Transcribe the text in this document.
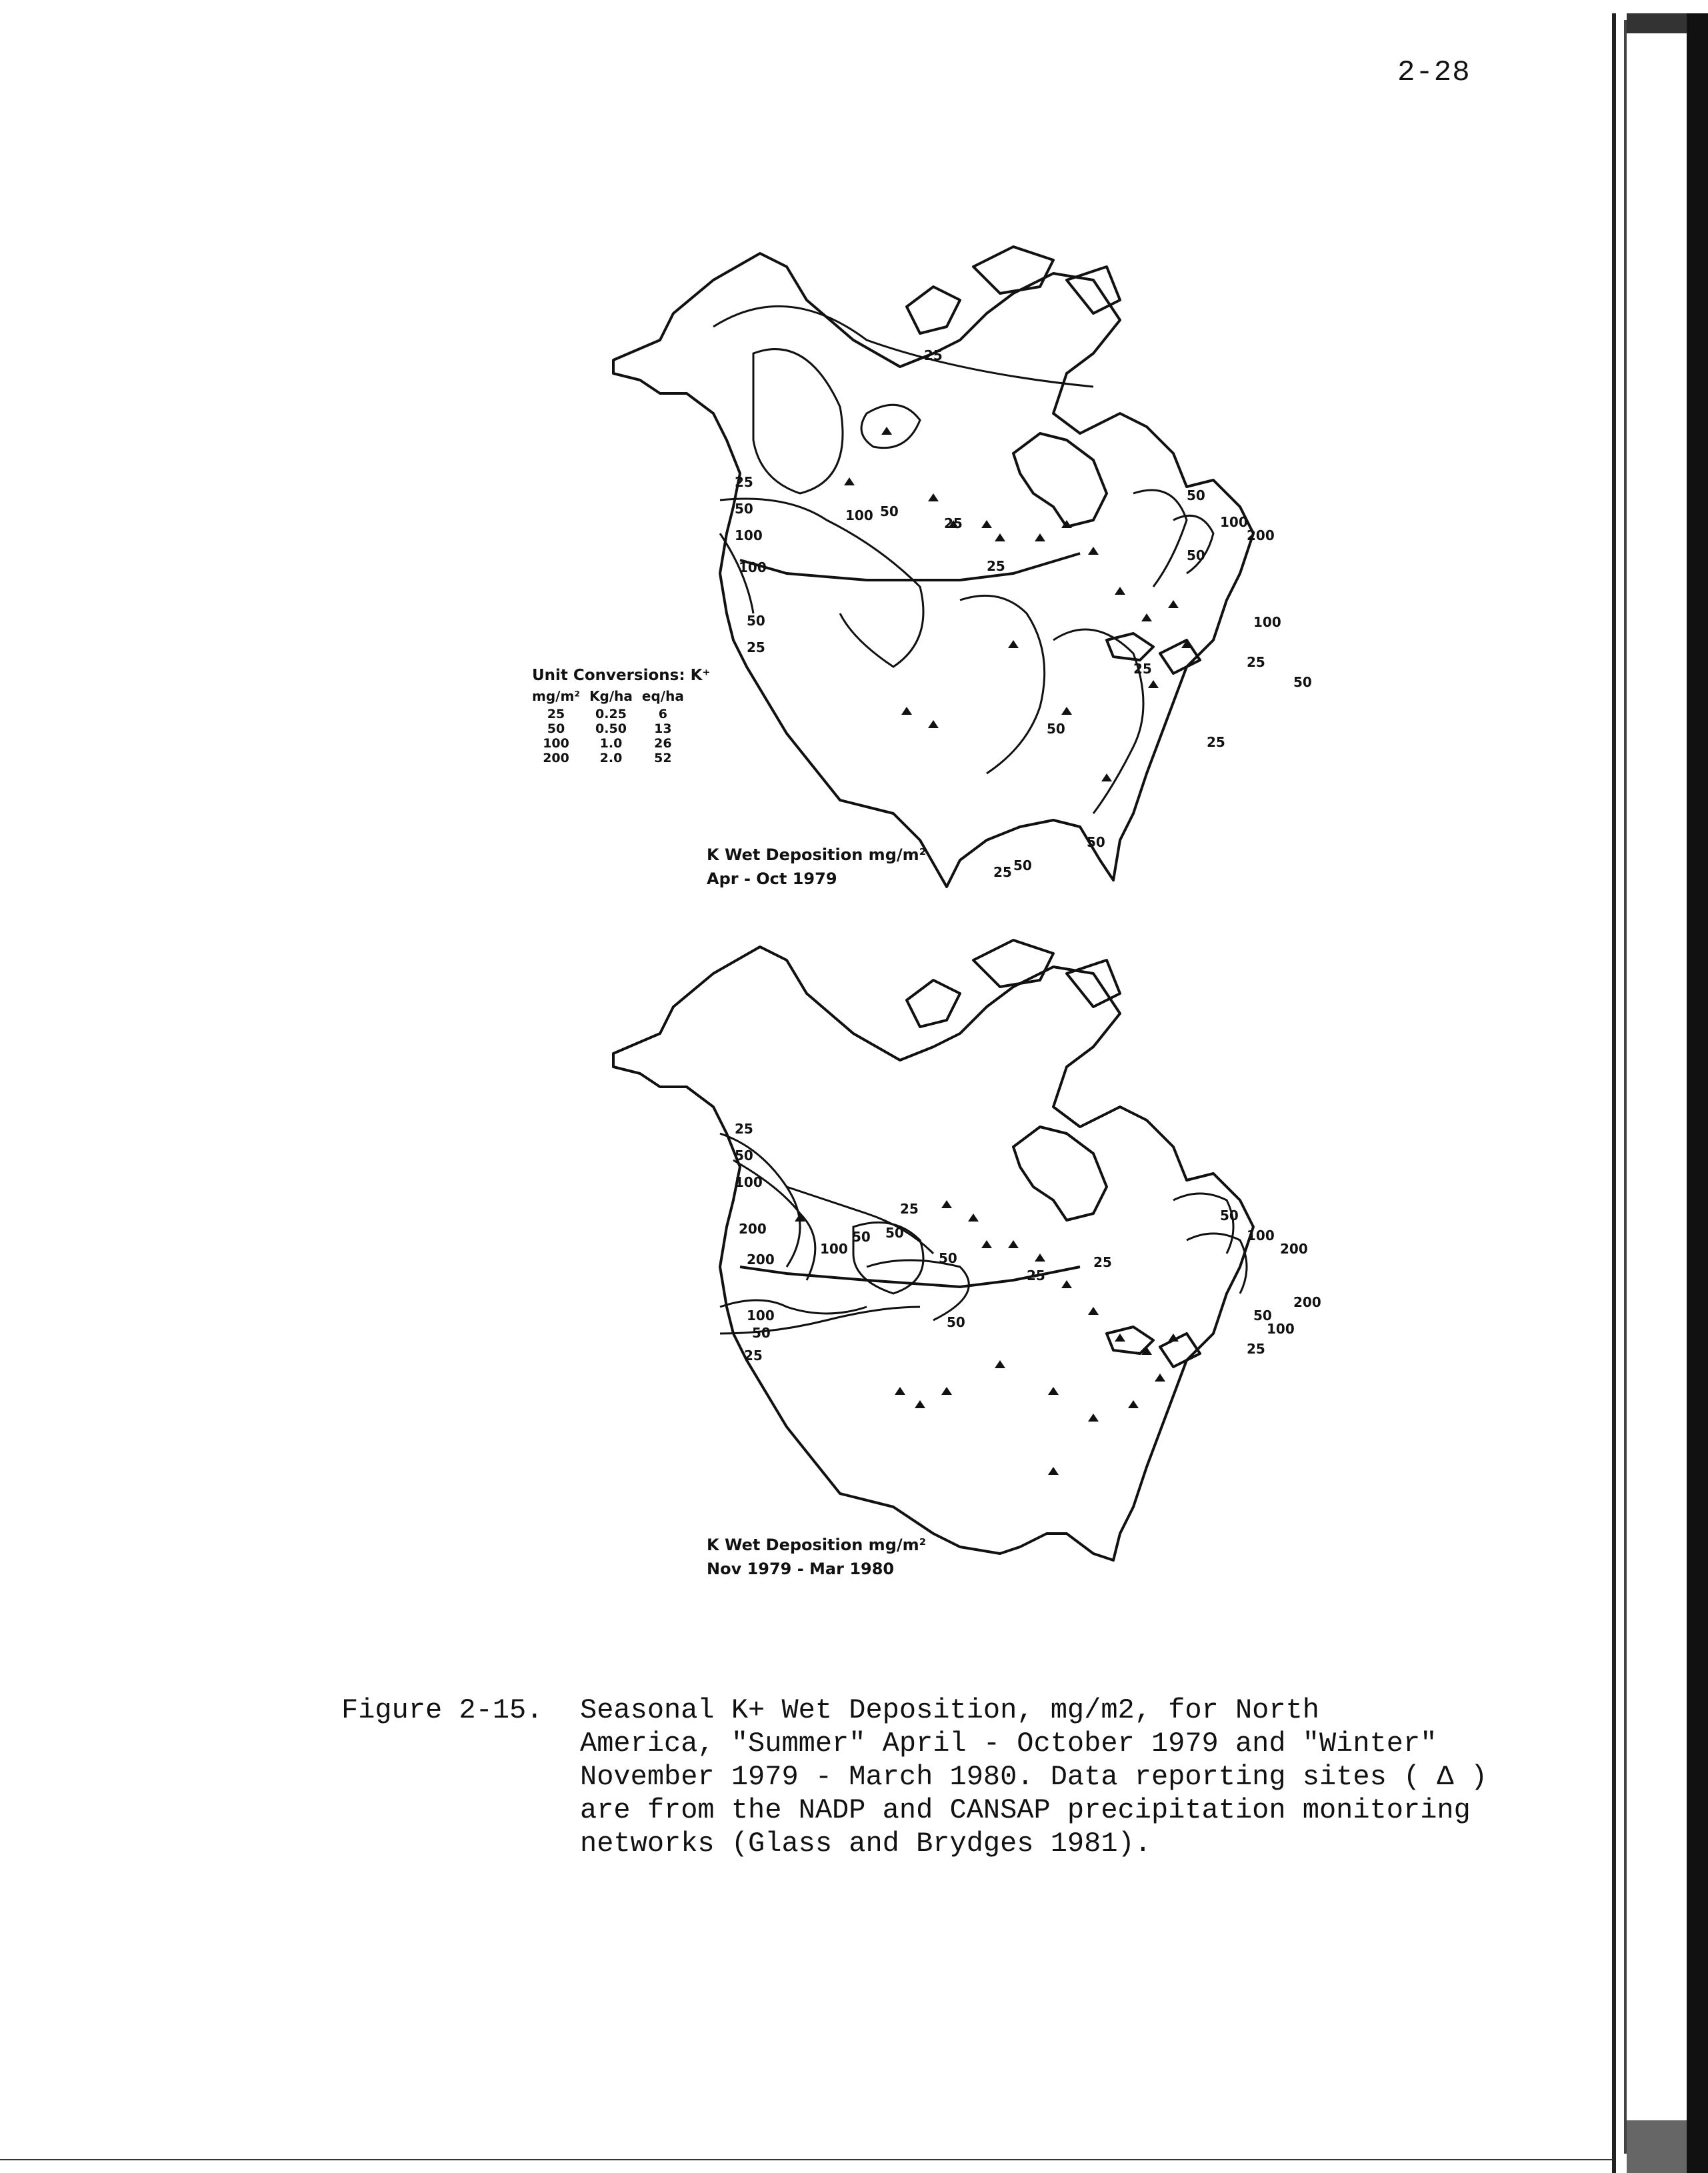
2-28
25
50
100
100
50
25
100 50
25
25
25
50
100
200
50
100
25
25
50
25
50
50
25 50
K Wet Deposition mg/m²
Apr - Oct 1979
Unit Conversions: K⁺
mg/m²	Kg/ha	eq/ha
25	0.25	6
50	0.50	13
100	1.0	26
200	2.0	52
25
50
100
200
200
100
50
25
100
50 50
25
50
50
25
25
50
100
200
200
50
100
25
K Wet Deposition mg/m²
Nov 1979 - Mar 1980
Figure 2-15. Seasonal K+ Wet Deposition, mg/m2, for North
America, "Summer" April - October 1979 and "Winter"
November 1979 - March 1980. Data reporting sites ( Δ )
are from the NADP and CANSAP precipitation monitoring
networks (Glass and Brydges 1981).
